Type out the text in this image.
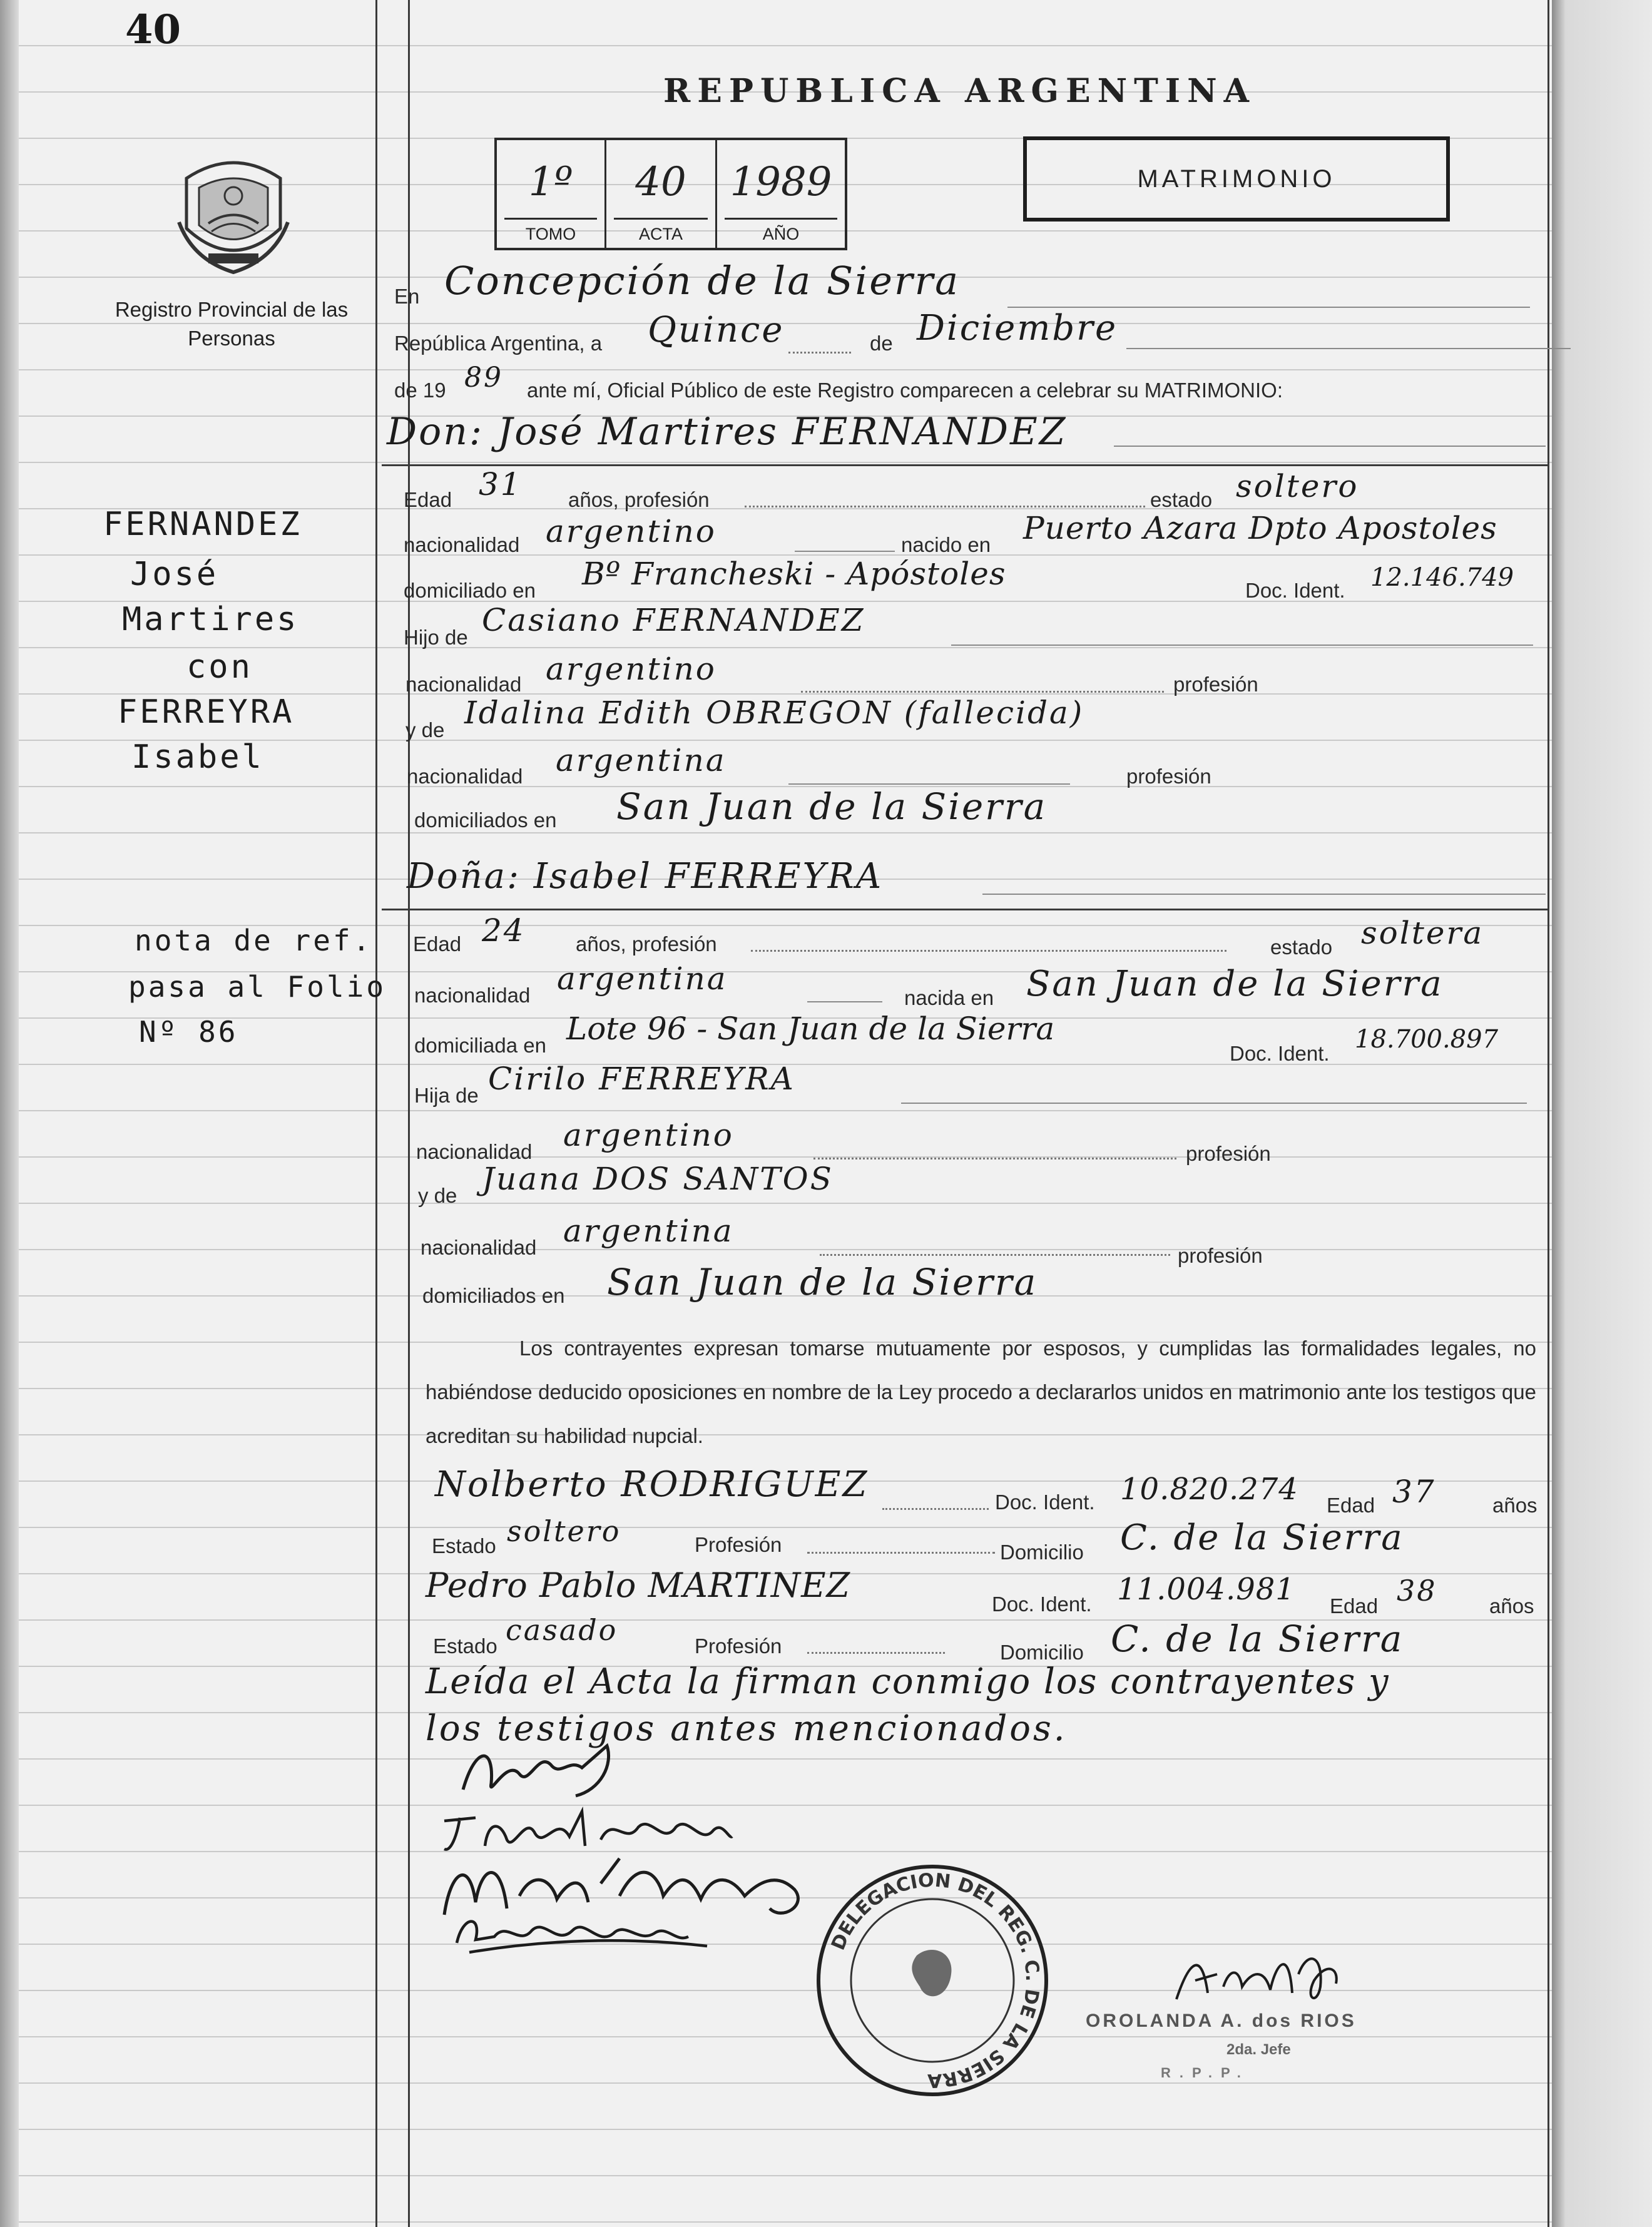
40
REPUBLICA ARGENTINA
1º
TOMO
40
ACTA
1989
AÑO
MATRIMONIO
Registro Provincial de las Personas
FERNANDEZ
José
Martires
con
FERREYRA
Isabel
nota de ref.
pasa al Folio
Nº 86
En Concepción de la Sierra
República Argentina, a Quince	de Diciembre
de 19 89 ante mí, Oficial Público de este Registro comparecen a celebrar su MATRIMONIO:
Don: José Martires FERNANDEZ
Edad 31 años, profesión	estado soltero
nacionalidad argentino	nacido en Puerto Azara Dpto Apostoles
domiciliado en Bº Francheski - Apóstoles	Doc. Ident. 12.146.749
Hijo de Casiano FERNANDEZ
nacionalidad argentino	profesión
y de Idalina Edith OBREGON (fallecida)
nacionalidad argentina	profesión
domiciliados en San Juan de la Sierra
Doña: Isabel FERREYRA
Edad 24 años, profesión	estado soltera
nacionalidad argentina
nacida en San Juan de la Sierra
domiciliada en Lote 96 - San Juan de la Sierra
Doc. Ident. 18.700.897
Hija de Cirilo FERREYRA
nacionalidad argentino
profesión
y de Juana DOS SANTOS
nacionalidad argentina
profesión
domiciliados en San Juan de la Sierra
Los contrayentes expresan tomarse mutuamente por esposos, y cumplidas las formalidades legales, no habiéndose deducido oposiciones en nombre de la Ley procedo a declararlos unidos en matrimonio ante los testigos que acreditan su habilidad nupcial.
Nolberto RODRIGUEZ	Doc. Ident. 10.820.274 Edad 37	años
Estado soltero	Profesión	Domicilio C. de la Sierra
Pedro Pablo MARTINEZ	Doc. Ident. 11.004.981 Edad 38	años
Estado casado	Profesión	Domicilio C. de la Sierra
Leída el Acta la firman conmigo los contrayentes y
los testigos antes mencionados.
DELEGACION DEL REG. C. DE LA SIERRA
OROLANDA A. dos RIOS
2da. Jefe
R.P.P.
